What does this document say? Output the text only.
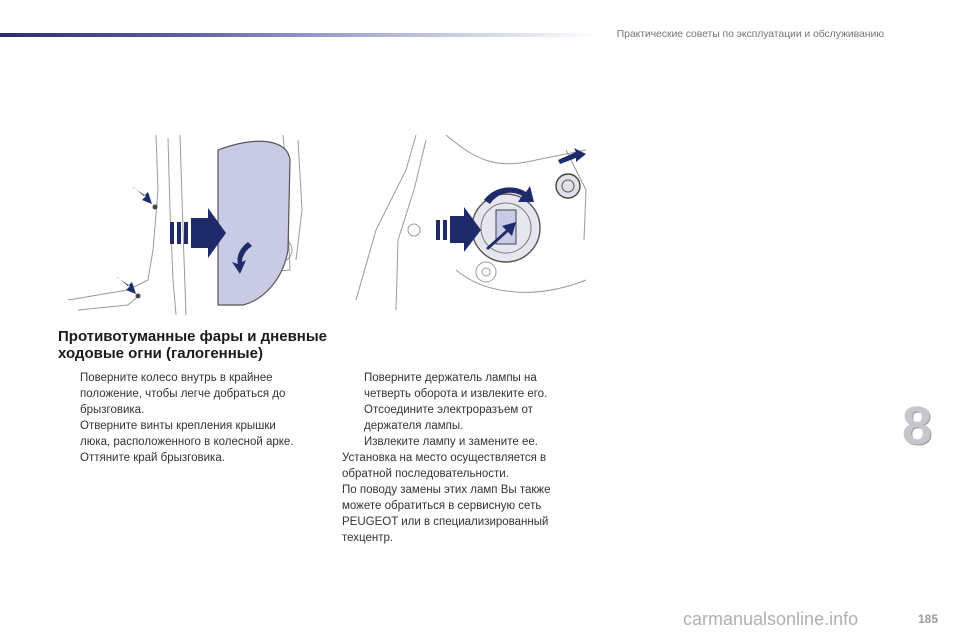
Практические советы по эксплуатации и обслуживанию
Противотуманные фары и дневные
ходовые огни (галогенные)

Поверните колесо внутрь в крайнее
положение, чтобы легче добраться до
брызговика.

Отверните винты крепления крышки
люка, расположенного в колесной арке.

Оттяните край брызговика.

Поверните держатель лампы на
четверть оборота и извлеките его.

Отсоедините электроразъем от
держателя лампы.

Извлеките лампу и замените ее.

Установка на место осуществляется в
обратной последовательности.

По поводу замены этих ламп Вы также
можете обратиться в сервисную сеть
PEUGEOT или в специализированный
техцентр.

8
carmanualsonline.info	185
